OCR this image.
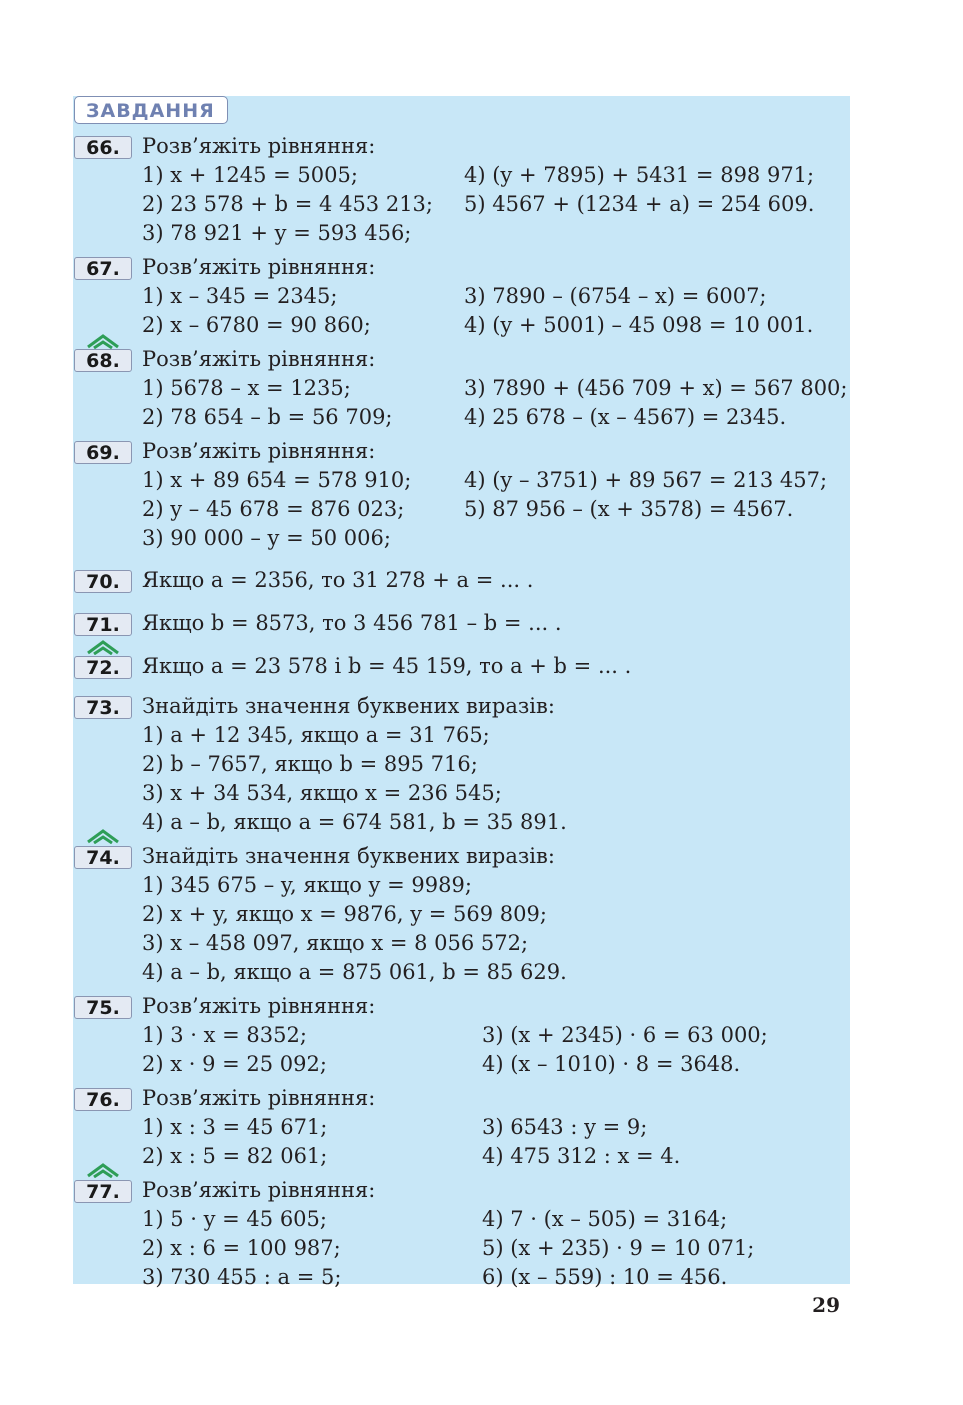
ЗАВДАННЯ
66.	Розв’яжіть рівняння:
1) x + 1245 = 5005;
2) 23 578 + b = 4 453 213;
3) 78 921 + y = 593 456;
4) (y + 7895) + 5431 = 898 971;
5) 4567 + (1234 + a) = 254 609.
67.	Розв’яжіть рівняння:
1) x – 345 = 2345;
2) x – 6780 = 90 860;
3) 7890 – (6754 – x) = 6007;
4) (y + 5001) – 45 098 = 10 001.
68.	Розв’яжіть рівняння:
1) 5678 – x = 1235;
2) 78 654 – b = 56 709;
3) 7890 + (456 709 + x) = 567 800;
4) 25 678 – (x – 4567) = 2345.
69.	Розв’яжіть рівняння:
1) x + 89 654 = 578 910;
2) y – 45 678 = 876 023;
3) 90 000 – y = 50 006;
4) (y – 3751) + 89 567 = 213 457;
5) 87 956 – (x + 3578) = 4567.
70.	Якщо a = 2356, то 31 278 + a = ... .
71.	Якщо b = 8573, то 3 456 781 – b = ... .
72.	Якщо a = 23 578 і b = 45 159, то a + b = ... .
73.	Знайдіть значення буквених виразів:
1) a + 12 345, якщо a = 31 765;
2) b – 7657, якщо b = 895 716;
3) x + 34 534, якщо x = 236 545;
4) a – b, якщо a = 674 581, b = 35 891.
74.	Знайдіть значення буквених виразів:
1) 345 675 – y, якщо y = 9989;
2) x + y, якщо x = 9876, y = 569 809;
3) x – 458 097, якщо x = 8 056 572;
4) a – b, якщо a = 875 061, b = 85 629.
75.	Розв’яжіть рівняння:
1) 3 · x = 8352;
2) x · 9 = 25 092;
3) (x + 2345) · 6 = 63 000;
4) (x – 1010) · 8 = 3648.
76.	Розв’яжіть рівняння:
1) x : 3 = 45 671;
2) x : 5 = 82 061;
3) 6543 : y = 9;
4) 475 312 : x = 4.
77.	Розв’яжіть рівняння:
1) 5 · y = 45 605;
2) x : 6 = 100 987;
3) 730 455 : a = 5;
4) 7 · (x – 505) = 3164;
5) (x + 235) · 9 = 10 071;
6) (x – 559) : 10 = 456.
29
